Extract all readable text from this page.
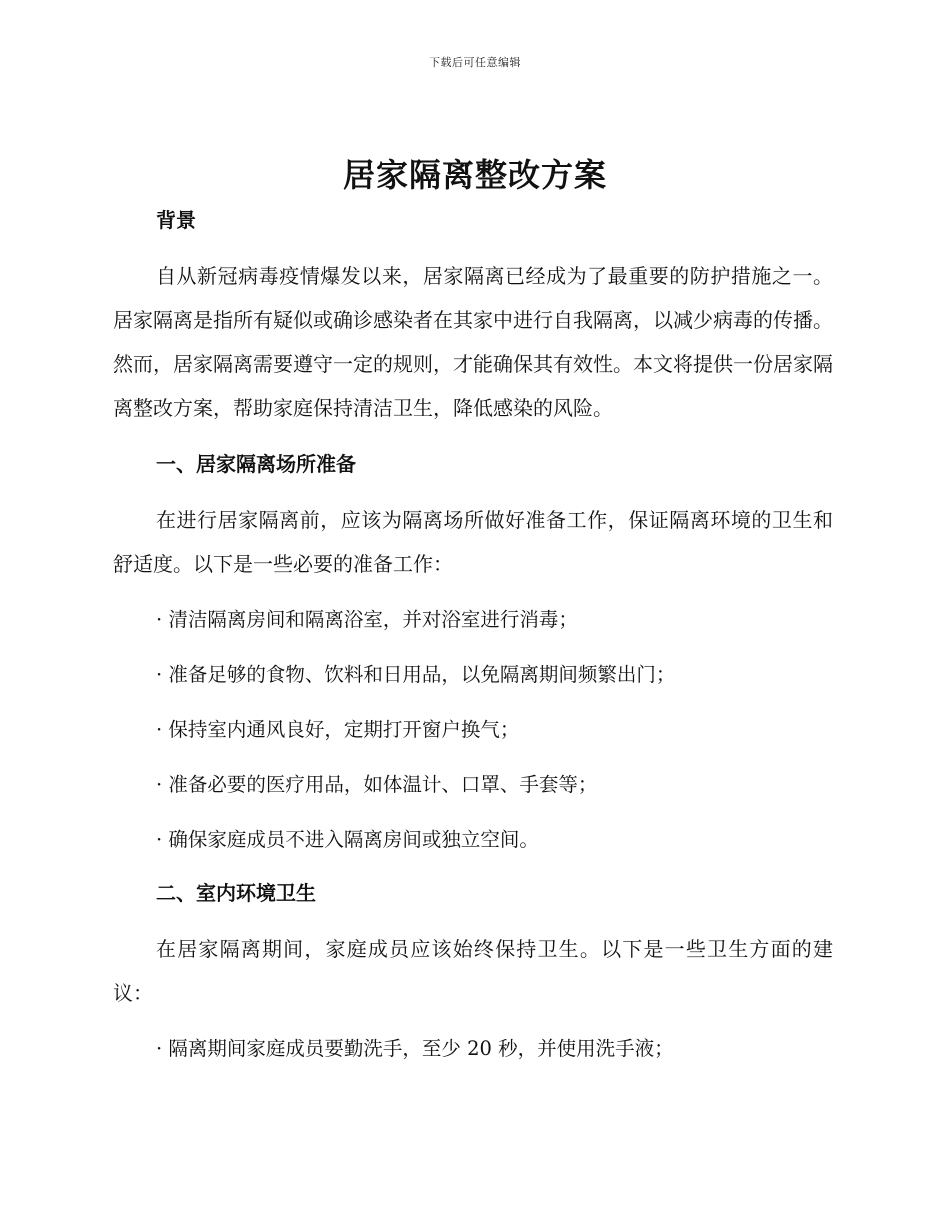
下载后可任意编辑
居家隔离整改方案
背景

自从新冠病毒疫情爆发以来，居家隔离已经成为了最重要的防护措施之一。居家隔离是指所有疑似或确诊感染者在其家中进行自我隔离，以减少病毒的传播。然而，居家隔离需要遵守一定的规则，才能确保其有效性。本文将提供一份居家隔离整改方案，帮助家庭保持清洁卫生，降低感染的风险。

一、居家隔离场所准备

在进行居家隔离前，应该为隔离场所做好准备工作，保证隔离环境的卫生和舒适度。以下是一些必要的准备工作：

· 清洁隔离房间和隔离浴室，并对浴室进行消毒；

· 准备足够的食物、饮料和日用品，以免隔离期间频繁出门；

· 保持室内通风良好，定期打开窗户换气；

· 准备必要的医疗用品，如体温计、口罩、手套等；

· 确保家庭成员不进入隔离房间或独立空间。

二、室内环境卫生

在居家隔离期间，家庭成员应该始终保持卫生。以下是一些卫生方面的建议：

· 隔离期间家庭成员要勤洗手，至少 20 秒，并使用洗手液；
